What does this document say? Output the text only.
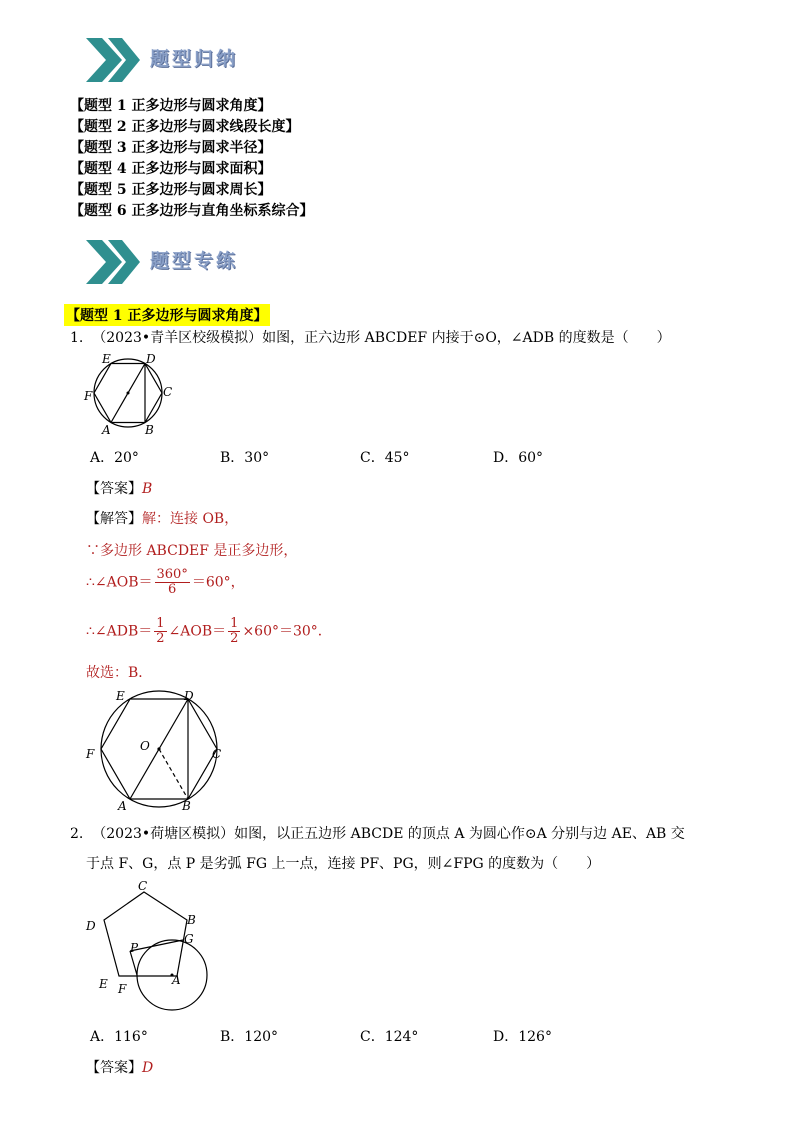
题型归纳
【题型 1 正多边形与圆求角度】
【题型 2 正多边形与圆求线段长度】
【题型 3 正多边形与圆求半径】
【题型 4 正多边形与圆求面积】
【题型 5 正多边形与圆求周长】
【题型 6 正多边形与直角坐标系综合】
题型专练
【题型 1 正多边形与圆求角度】
1. （2023•青羊区校级模拟）如图，正六边形 ABCDEF 内接于⊙O，∠ADB 的度数是（　　）
A	B
C
D
E
F
A．20°	B．30°	C．45°	D．60°
【答案】B
【解答】解：连接 OB，
∵多边形 ABCDEF 是正多边形，
∴∠AOB＝ $\frac{360^\circ}{6} =60^\circ$，
∴∠ADB＝ $\frac{1}{2}$ ∠AOB＝ $\frac{1}{2} \times 60^\circ=30^\circ$．
故选：B．
A	B
C
D
E
F
O
2. （2023•荷塘区模拟）如图，以正五边形 ABCDE 的顶点 A 为圆心作⊙A 分别与边 AE、AB 交
于点 F、G，点 P 是劣弧 FG 上一点，连接 PF、PG，则∠FPG 的度数为（　　）
C
B
D
G
P
E F
A
A．116°	B．120°	C．124°	D．126°
【答案】D
